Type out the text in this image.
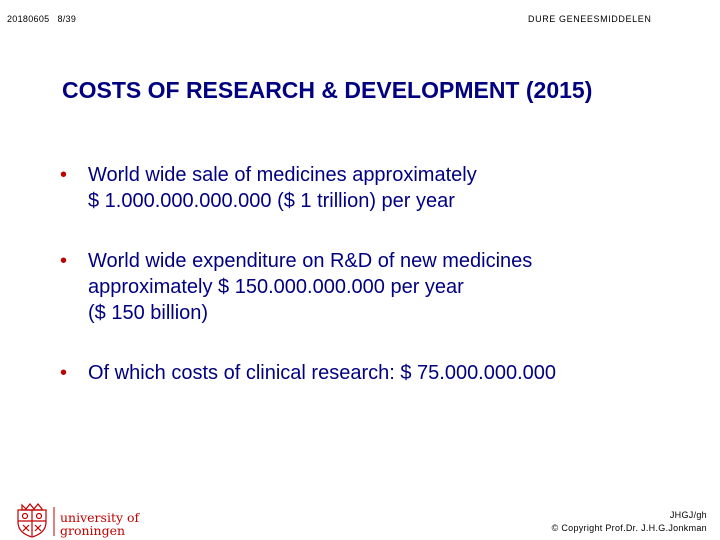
20180605 8/39	DURE GENEESMIDDELEN
COSTS OF RESEARCH & DEVELOPMENT (2015)
• World wide sale of medicines approximately
$ 1.000.000.000.000 ($ 1 trillion) per year
• World wide expenditure on R&D of new medicines
approximately $ 150.000.000.000 per year
($ 150 billion)
• Of which costs of clinical research: $ 75.000.000.000
university of
groningen
JHGJ/gh
© Copyright Prof.Dr. J.H.G.Jonkman
